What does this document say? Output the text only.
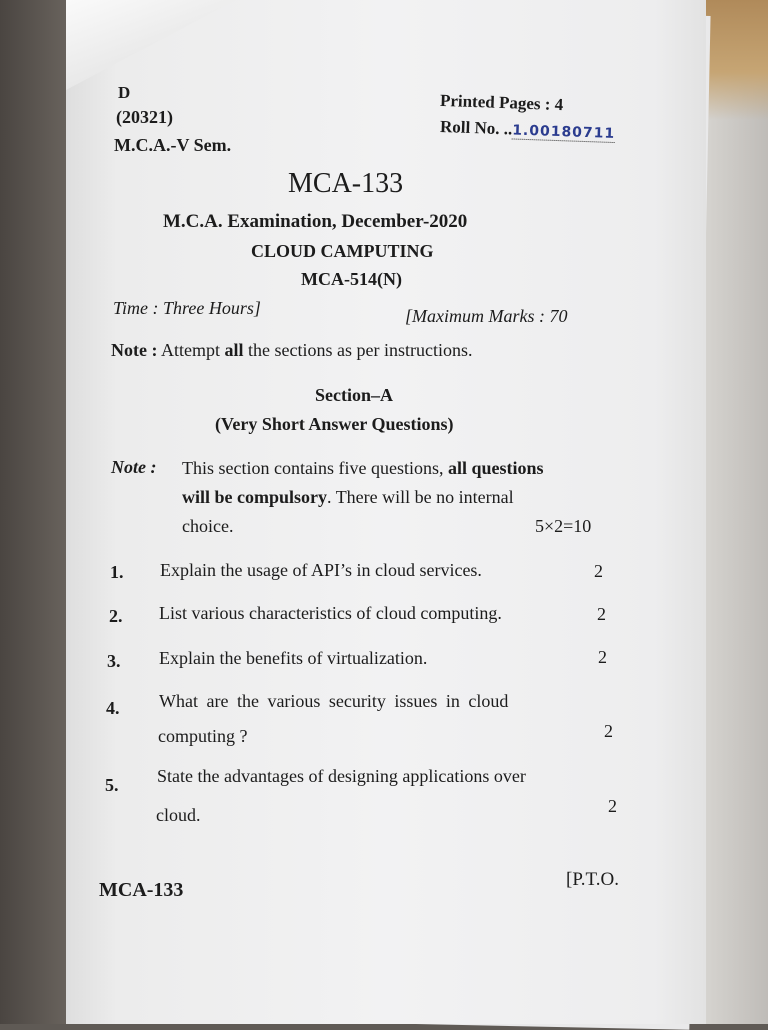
D
(20321)
M.C.A.-V Sem.
Printed Pages : 4
Roll No. ..1.00180711
MCA-133
M.C.A. Examination, December-2020
CLOUD CAMPUTING
MCA-514(N)
Time : Three Hours]	[Maximum Marks : 70
Note : Attempt all the sections as per instructions.
Section–A
(Very Short Answer Questions)
Note : This section contains five questions, all questions
will be compulsory. There will be no internal
choice.	5×2=10
1. Explain the usage of API’s in cloud services.	2
2. List various characteristics of cloud computing.	2
3. Explain the benefits of virtualization.	2
4. What are the various security issues in cloud
computing ?	2
5. State the advantages of designing applications over
cloud.	2
MCA-133	[P.T.O.
